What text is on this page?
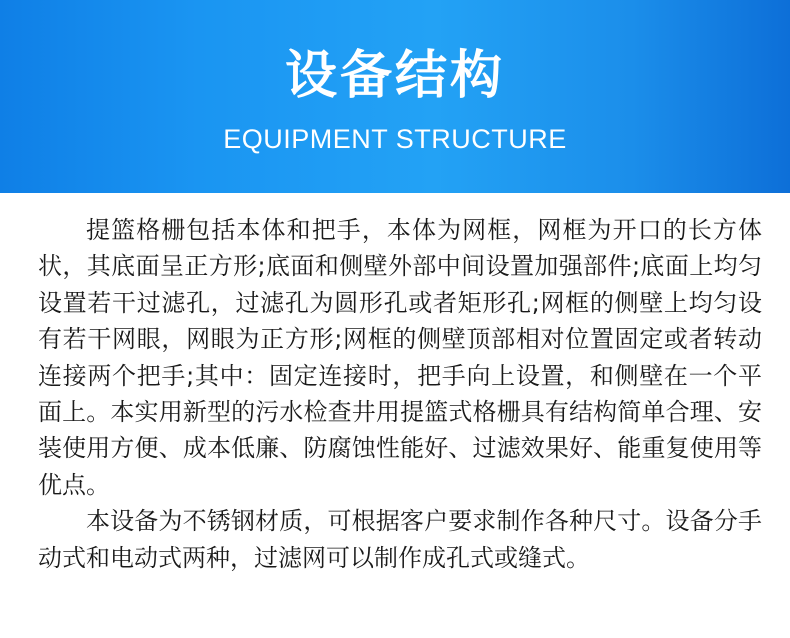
设备结构
EQUIPMENT STRUCTURE

提篮格栅包括本体和把手，本体为网框，网框为开口的长方体状，其底面呈正方形;底面和侧壁外部中间设置加强部件;底面上均匀设置若干过滤孔，过滤孔为圆形孔或者矩形孔;网框的侧壁上均匀设有若干网眼，网眼为正方形;网框的侧壁顶部相对位置固定或者转动连接两个把手;其中：固定连接时，把手向上设置，和侧壁在一个平面上。本实用新型的污水检查井用提篮式格栅具有结构简单合理、安装使用方便、成本低廉、防腐蚀性能好、过滤效果好、能重复使用等优点。

本设备为不锈钢材质，可根据客户要求制作各种尺寸。设备分手动式和电动式两种，过滤网可以制作成孔式或缝式。
